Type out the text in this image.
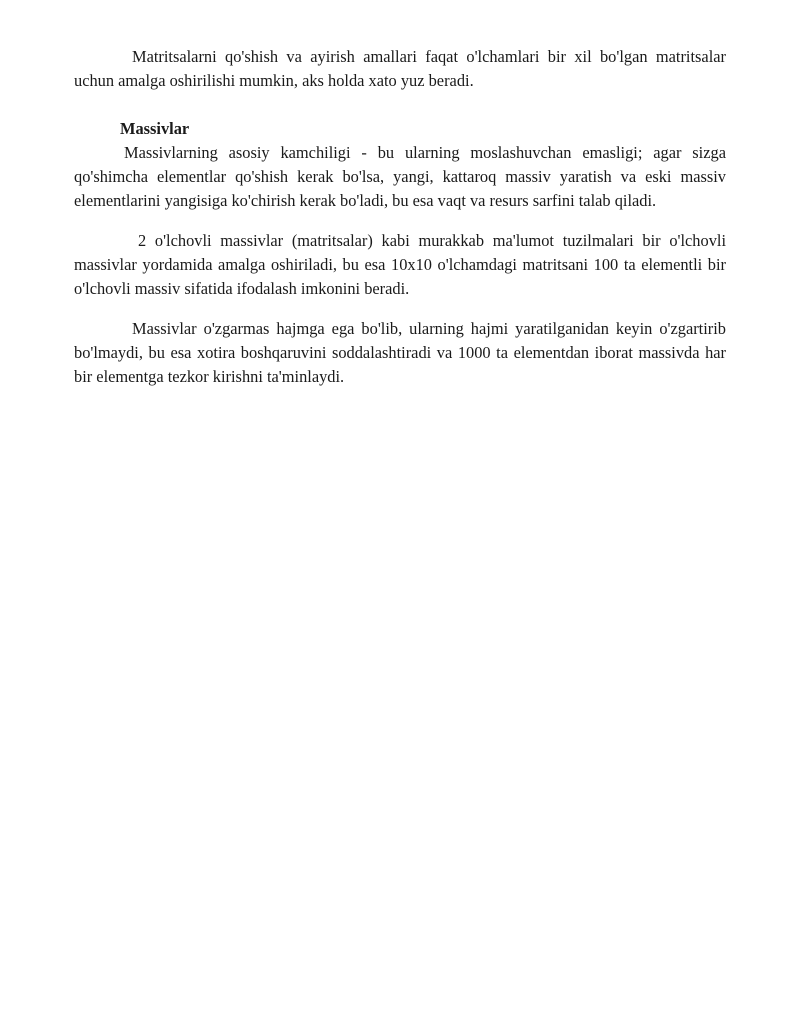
Matritsalarni qo'shish va ayirish amallari faqat o'lchamlari bir xil bo'lgan matritsalar uchun amalga oshirilishi mumkin, aks holda xato yuz beradi.

Massivlar

Massivlarning asosiy kamchiligi - bu ularning moslashuvchan emasligi; agar sizga qo'shimcha elementlar qo'shish kerak bo'lsa, yangi, kattaroq massiv yaratish va eski massiv elementlarini yangisiga ko'chirish kerak bo'ladi, bu esa vaqt va resurs sarfini talab qiladi.

2 o'lchovli massivlar (matritsalar) kabi murakkab ma'lumot tuzilmalari bir o'lchovli massivlar yordamida amalga oshiriladi, bu esa 10x10 o'lchamdagi matritsani 100 ta elementli bir o'lchovli massiv sifatida ifodalash imkonini beradi.

Massivlar o'zgarmas hajmga ega bo'lib, ularning hajmi yaratilganidan keyin o'zgartirib bo'lmaydi, bu esa xotira boshqaruvini soddalashtiradi va 1000 ta elementdan iborat massivda har bir elementga tezkor kirishni ta'minlaydi.
